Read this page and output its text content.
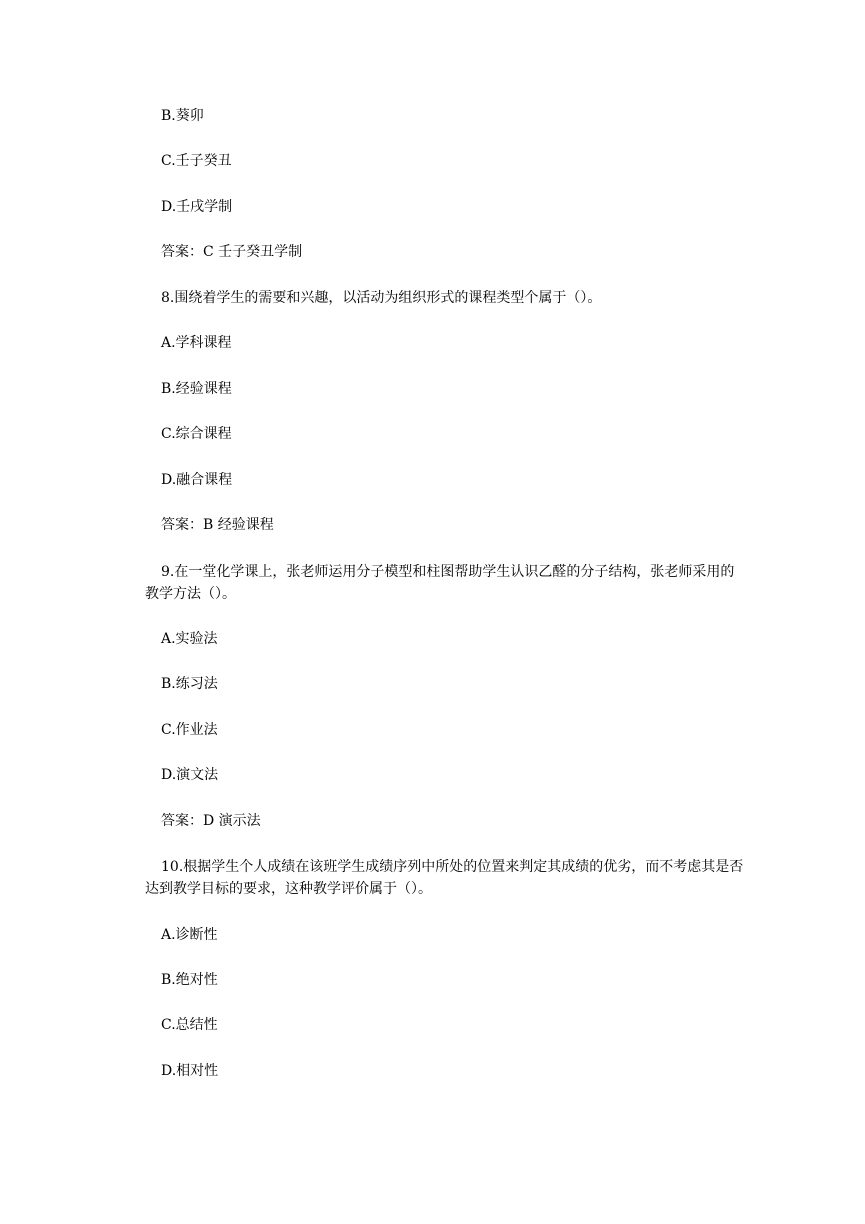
B.葵卯
C.壬子癸丑
D.壬戌学制
答案：C 壬子癸丑学制
8.围绕着学生的需要和兴趣，以活动为组织形式的课程类型个属于（）。
A.学科课程
B.经验课程
C.综合课程
D.融合课程
答案：B 经验课程
9.在一堂化学课上，张老师运用分子模型和柱图帮助学生认识乙醛的分子结构，张老师采用的教学方法（）。
A.实验法
B.练习法
C.作业法
D.演文法
答案：D 演示法
10.根据学生个人成绩在该班学生成绩序列中所处的位置来判定其成绩的优劣，而不考虑其是否达到教学目标的要求，这种教学评价属于（）。
A.诊断性
B.绝对性
C.总结性
D.相对性
